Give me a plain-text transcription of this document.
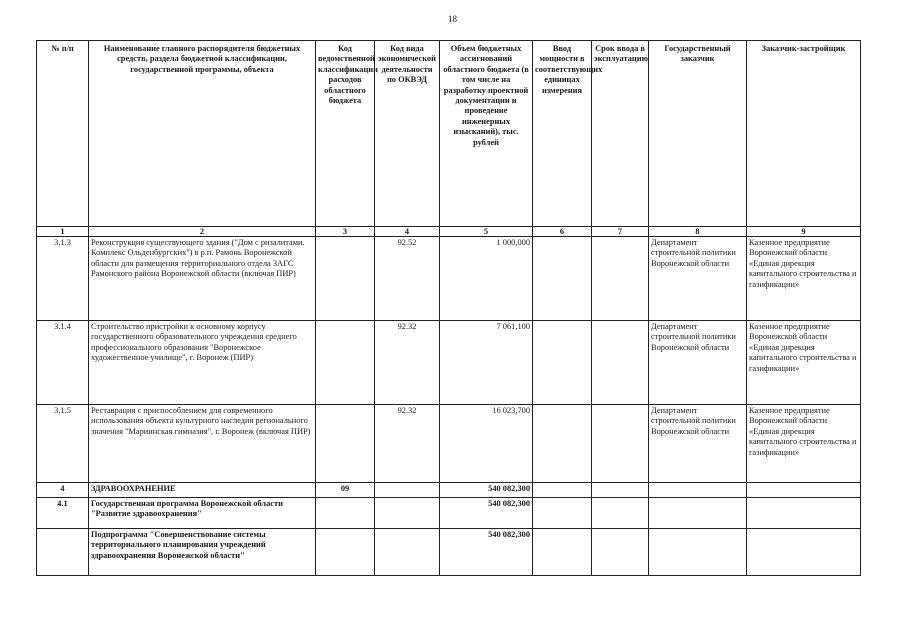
18
№ п/п	Наименование главного распорядителя бюджетных средств, раздела бюджетной классификации, государственной программы, объекта	Код ведомственной классификации расходов областного бюджета	Код вида экономической деятельности по ОКВЭД	Объем бюджетных ассигнований областного бюджета (в том числе на разработку проектной документации и проведение инженерных изысканий), тыс. рублей	Ввод мощности в соответствующих единицах измерения	Срок ввода в эксплуатацию	Государственный заказчик	Заказчик-застройщик
1	2	3	4	5	6	7	8	9
3.1.3	Реконструкция существующего здания ("Дом с ризалитами. Комплекс Ольденбургских") в р.п. Рамонь Воронежской области для размещения территориального отдела ЗАГС Рамонского района Воронежской области (включая ПИР)		92.52	1 000,000			Департамент строительной политики Воронежской области	Казенное предприятие Воронежской области «Единая дирекция капитального строительства и газификации»
3.1.4	Строительство пристройки к основному корпусу государственного образовательного учреждения среднего профессионального образования "Воронежское художественное училище", г. Воронеж (ПИР)		92.32	7 061,100			Департамент строительной политики Воронежской области	Казенное предприятие Воронежской области «Единая дирекция капитального строительства и газификации»
3.1.5	Реставрация с приспособлением для современного использования объекта культурного наследия регионального значения "Мариинская гимназия", г. Воронеж (включая ПИР)		92.32	16 023,700			Департамент строительной политики Воронежской области	Казенное предприятие Воронежской области «Единая дирекция капитального строительства и газификации»
4	ЗДРАВООХРАНЕНИЕ	09		540 082,300				
4.1	Государственная программа Воронежской области "Развитие здравоохранения"			540 082,300				
	Подпрограмма "Совершенствование системы территориального планирования учреждений здравоохранения Воронежской области"			540 082,300				
